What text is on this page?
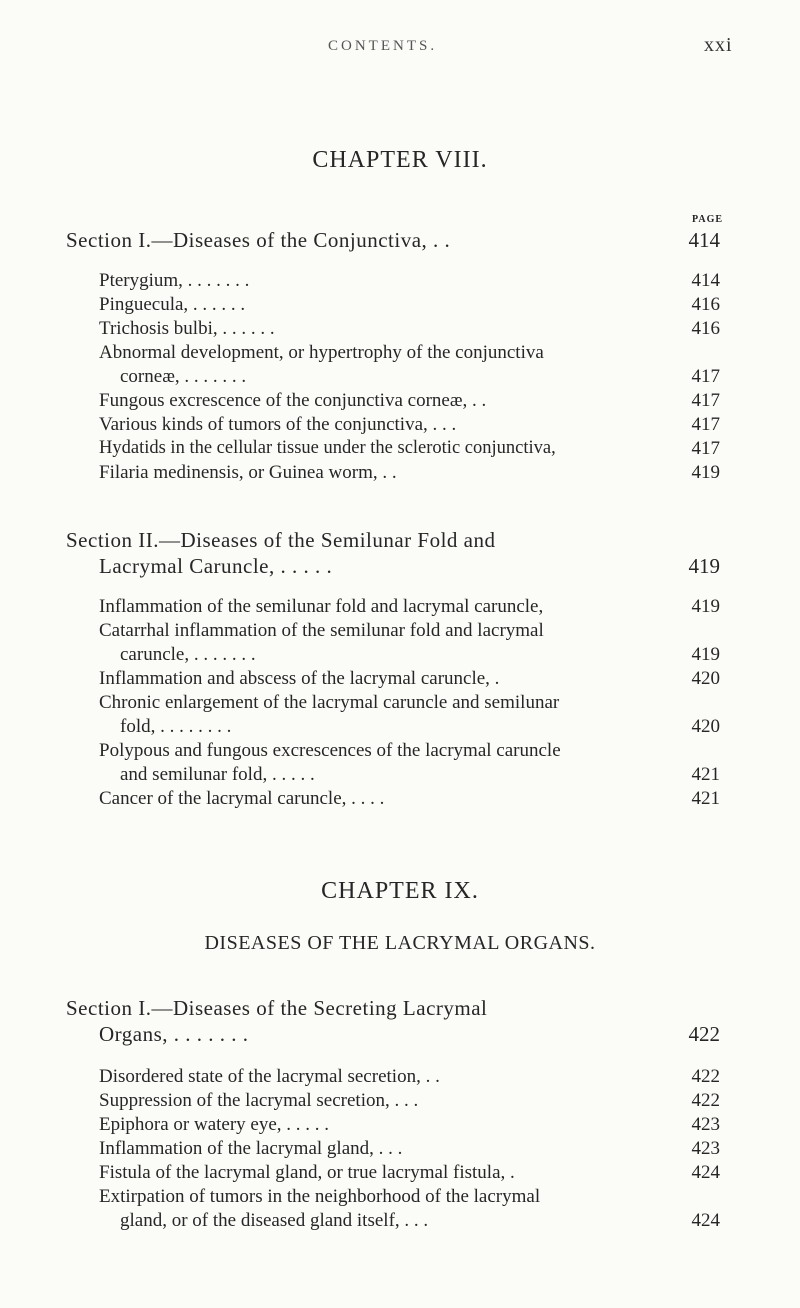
CONTENTS.	xxi
CHAPTER VIII.
PAGE
Section I.—Diseases of the Conjunctiva, . .	414
Pterygium, . . . . . . .	414
Pinguecula, . . . . . .	416
Trichosis bulbi, . . . . . .	416
Abnormal development, or hypertrophy of the conjunctiva
corneæ, . . . . . . .	417
Fungous excrescence of the conjunctiva corneæ, . .	417
Various kinds of tumors of the conjunctiva, . . .	417
Hydatids in the cellular tissue under the sclerotic conjunctiva,	417
Filaria medinensis, or Guinea worm, . .	419
Section II.—Diseases of the Semilunar Fold and
Lacrymal Caruncle, . . . . .	419
Inflammation of the semilunar fold and lacrymal caruncle,	419
Catarrhal inflammation of the semilunar fold and lacrymal
caruncle, . . . . . . .	419
Inflammation and abscess of the lacrymal caruncle, .	420
Chronic enlargement of the lacrymal caruncle and semilunar
fold, . . . . . . . .	420
Polypous and fungous excrescences of the lacrymal caruncle
and semilunar fold, . . . . .	421
Cancer of the lacrymal caruncle, . . . .	421
CHAPTER IX.
DISEASES OF THE LACRYMAL ORGANS.
Section I.—Diseases of the Secreting Lacrymal
Organs, . . . . . . .	422
Disordered state of the lacrymal secretion, . .	422
Suppression of the lacrymal secretion, . . .	422
Epiphora or watery eye, . . . . .	423
Inflammation of the lacrymal gland, . . .	423
Fistula of the lacrymal gland, or true lacrymal fistula, .	424
Extirpation of tumors in the neighborhood of the lacrymal
gland, or of the diseased gland itself, . . .	424
